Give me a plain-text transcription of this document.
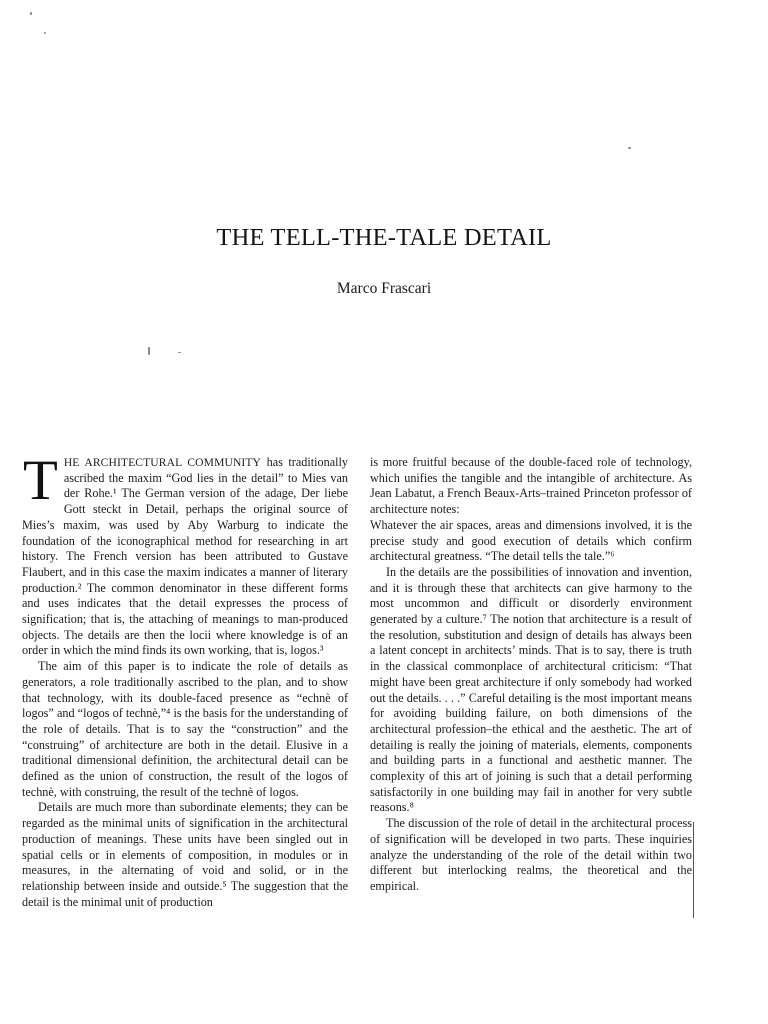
THE TELL-THE-TALE DETAIL
Marco Frascari

THE ARCHITECTURAL COMMUNITY has traditionally ascribed the maxim “God lies in the detail” to Mies van der Rohe.¹ The German version of the adage, Der liebe Gott steckt in Detail, perhaps the original source of Mies’s maxim, was used by Aby Warburg to indicate the foundation of the iconographical method for researching in art history. The French version has been attributed to Gustave Flaubert, and in this case the maxim indicates a manner of literary production.² The common denominator in these different forms and uses indicates that the detail expresses the process of signification; that is, the attaching of meanings to man-produced objects. The details are then the locii where knowledge is of an order in which the mind finds its own working, that is, logos.³

The aim of this paper is to indicate the role of details as generators, a role traditionally ascribed to the plan, and to show that technology, with its double-faced presence as “echnè of logos” and “logos of technè,”⁴ is the basis for the understanding of the role of details. That is to say the “construction” and the “construing” of architecture are both in the detail. Elusive in a traditional dimensional definition, the architectural detail can be defined as the union of construction, the result of the logos of technè, with construing, the result of the technè of logos.

Details are much more than subordinate elements; they can be regarded as the minimal units of signification in the architectural production of meanings. These units have been singled out in spatial cells or in elements of composition, in modules or in measures, in the alternating of void and solid, or in the relationship between inside and outside.⁵ The suggestion that the detail is the minimal unit of production

is more fruitful because of the double-faced role of technology, which unifies the tangible and the intangible of architecture. As Jean Labatut, a French Beaux-Arts–trained Princeton professor of architecture notes:

Whatever the air spaces, areas and dimensions involved, it is the precise study and good execution of details which confirm architectural greatness. “The detail tells the tale.”⁶

In the details are the possibilities of innovation and invention, and it is through these that architects can give harmony to the most uncommon and difficult or disorderly environment generated by a culture.⁷ The notion that architecture is a result of the resolution, substitution and design of details has always been a latent concept in architects’ minds. That is to say, there is truth in the classical commonplace of architectural criticism: “That might have been great architecture if only somebody had worked out the details. . . .” Careful detailing is the most important means for avoiding building failure, on both dimensions of the architectural profession–the ethical and the aesthetic. The art of detailing is really the joining of materials, elements, components and building parts in a functional and aesthetic manner. The complexity of this art of joining is such that a detail performing satisfactorily in one building may fail in another for very subtle reasons.⁸

The discussion of the role of detail in the architectural process of signification will be developed in two parts. These inquiries analyze the understanding of the role of the detail within two different but interlocking realms, the theoretical and the empirical.
